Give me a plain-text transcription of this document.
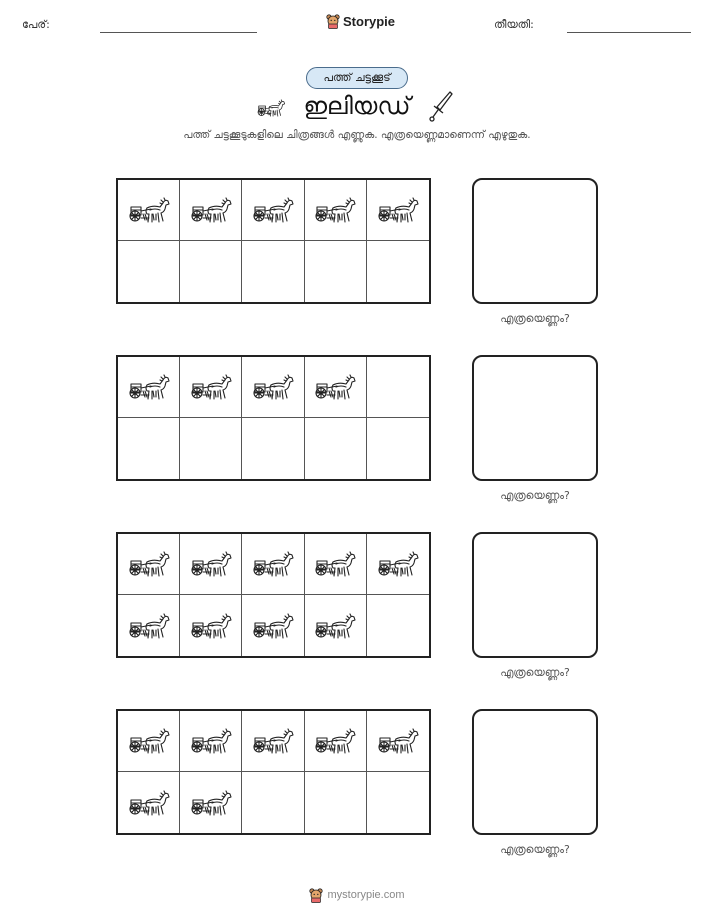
പേര്:	Storypie	തീയതി:
പത്ത് ചട്ടക്കൂട്
ഇലിയഡ്
പത്ത് ചട്ടക്കൂടുകളിലെ ചിത്രങ്ങൾ എണ്ണുക. എത്രയെണ്ണമാണെന്ന് എഴുതുക.
എത്രയെണ്ണം?
എത്രയെണ്ണം?
എത്രയെണ്ണം?
എത്രയെണ്ണം?
mystorypie.com
